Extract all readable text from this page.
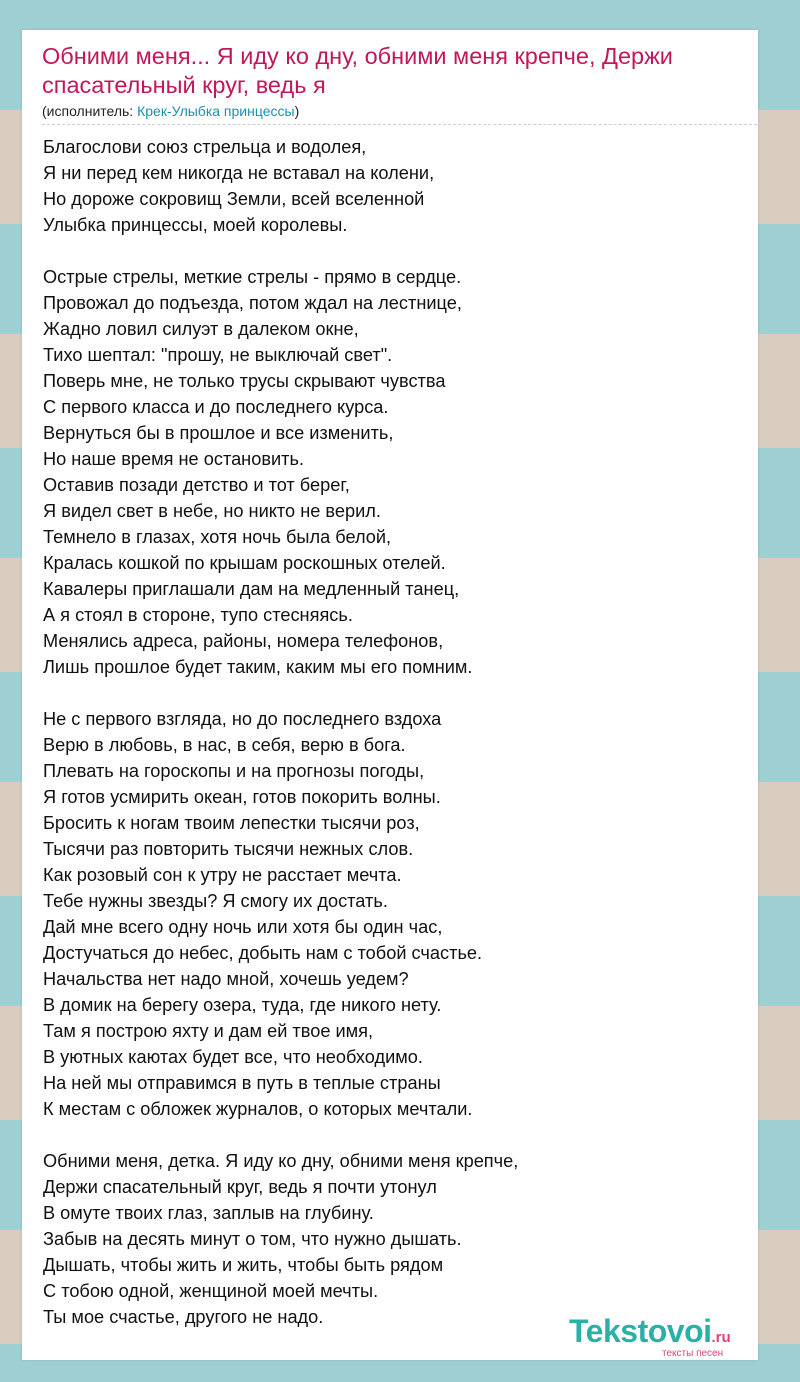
Обними меня... Я иду ко дну, обними меня крепче, Держи спасательный круг, ведь я
(исполнитель: Крек-Улыбка принцессы)
Благослови союз стрельца и водолея,
Я ни перед кем никогда не вставал на колени,
Но дороже сокровищ Земли, всей вселенной
Улыбка принцессы, моей королевы.
Острые стрелы, меткие стрелы - прямо в сердце.
Провожал до подъезда, потом ждал на лестнице,
Жадно ловил силуэт в далеком окне,
Тихо шептал: "прошу, не выключай свет".
Поверь мне, не только трусы скрывают чувства
С первого класса и до последнего курса.
Вернуться бы в прошлое и все изменить,
Но наше время не остановить.
Оставив позади детство и тот берег,
Я видел свет в небе, но никто не верил.
Темнело в глазах, хотя ночь была белой,
Кралась кошкой по крышам роскошных отелей.
Кавалеры приглашали дам на медленный танец,
А я стоял в стороне, тупо стесняясь.
Менялись адреса, районы, номера телефонов,
Лишь прошлое будет таким, каким мы его помним.
Не с первого взгляда, но до последнего вздоха
Верю в любовь, в нас, в себя, верю в бога.
Плевать на гороскопы и на прогнозы погоды,
Я готов усмирить океан, готов покорить волны.
Бросить к ногам твоим лепестки тысячи роз,
Тысячи раз повторить тысячи нежных слов.
Как розовый сон к утру не расстает мечта.
Тебе нужны звезды? Я смогу их достать.
Дай мне всего одну ночь или хотя бы один час,
Достучаться до небес, добыть нам с тобой счастье.
Начальства нет надо мной, хочешь уедем?
В домик на берегу озера, туда, где никого нету.
Там я построю яхту и дам ей твое имя,
В уютных каютах будет все, что необходимо.
На ней мы отправимся в путь в теплые страны
К местам с обложек журналов, о которых мечтали.
Обними меня, детка. Я иду ко дну, обними меня крепче,
Держи спасательный круг, ведь я почти утонул
В омуте твоих глаз, заплыв на глубину.
Забыв на десять минут о том, что нужно дышать.
Дышать, чтобы жить и жить, чтобы быть рядом
С тобою одной, женщиной моей мечты.
Ты мое счастье, другого не надо.	Tekstovoi.ru
тексты песен
